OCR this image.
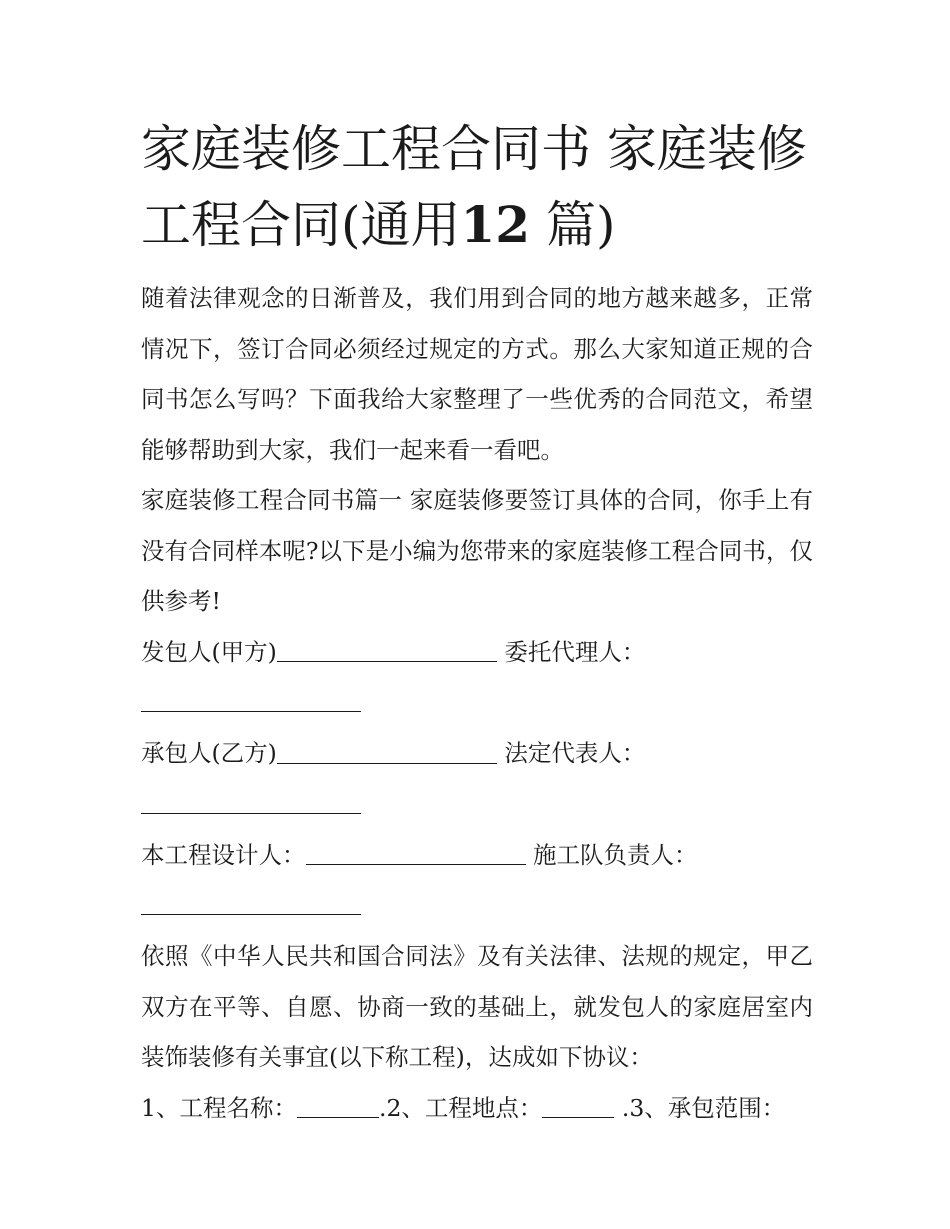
家庭装修工程合同书 家庭装修工程合同(通用12 篇)

随着法律观念的日渐普及，我们用到合同的地方越来越多，正常情况下，签订合同必须经过规定的方式。那么大家知道正规的合同书怎么写吗？下面我给大家整理了一些优秀的合同范文，希望能够帮助到大家，我们一起来看一看吧。

家庭装修工程合同书篇一 家庭装修要签订具体的合同，你手上有没有合同样本呢?以下是小编为您带来的家庭装修工程合同书，仅供参考!

发包人(甲方)	委托代理人：

承包人(乙方)	法定代表人：

本工程设计人：	施工队负责人：

依照《中华人民共和国合同法》及有关法律、法规的规定，甲乙双方在平等、自愿、协商一致的基础上，就发包人的家庭居室内装饰装修有关事宜(以下称工程)，达成如下协议：

1、工程名称：	.2、工程地点：	.3、承包范围：
